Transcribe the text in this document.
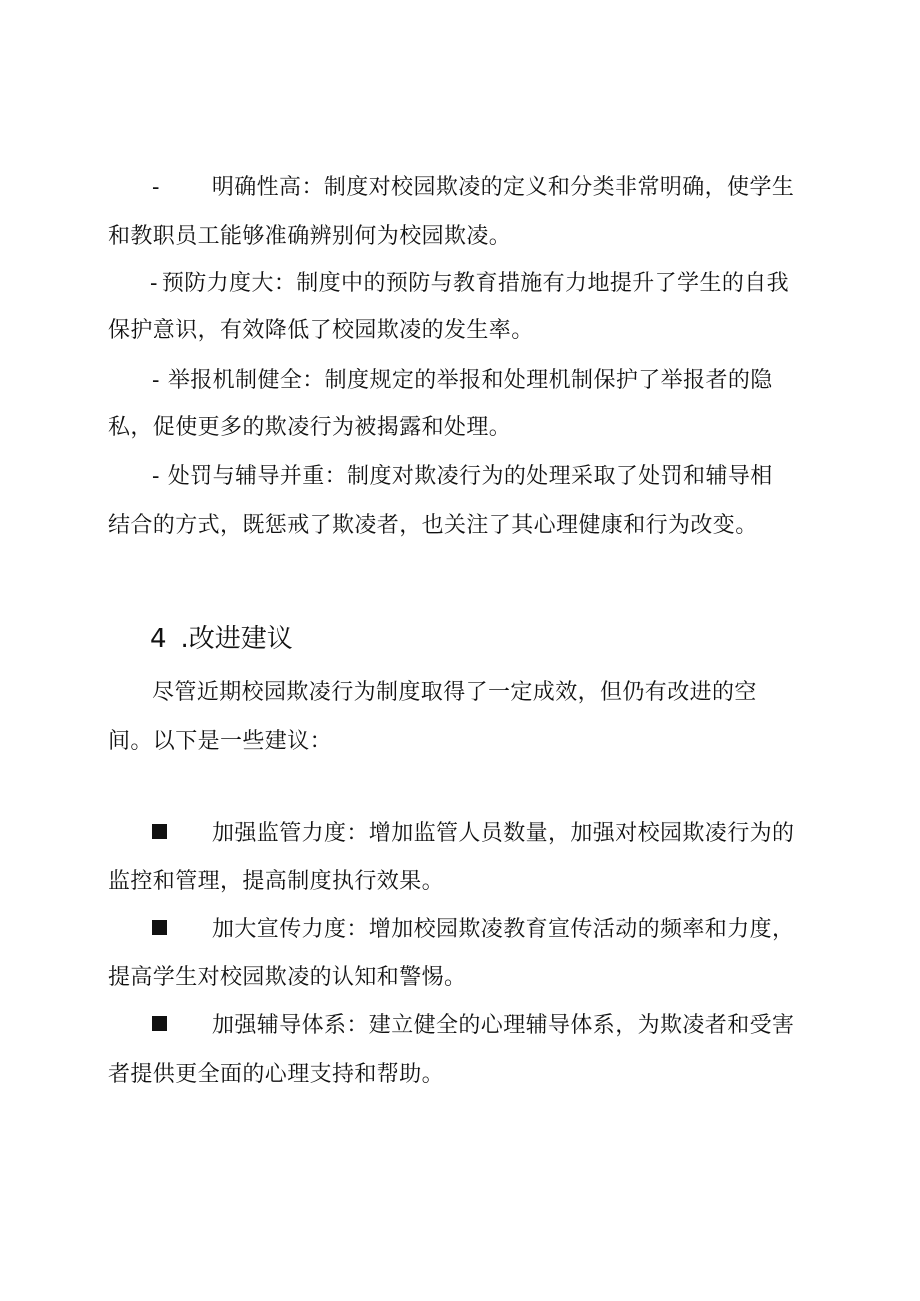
- 明确性高：制度对校园欺凌的定义和分类非常明确，使学生
和教职员工能够准确辨别何为校园欺凌。
- 预防力度大：制度中的预防与教育措施有力地提升了学生的自我
保护意识，有效降低了校园欺凌的发生率。
- 举报机制健全：制度规定的举报和处理机制保护了举报者的隐
私，促使更多的欺凌行为被揭露和处理。
- 处罚与辅导并重：制度对欺凌行为的处理采取了处罚和辅导相
结合的方式，既惩戒了欺凌者，也关注了其心理健康和行为改变。
4 .改进建议
尽管近期校园欺凌行为制度取得了一定成效，但仍有改进的空
间。以下是一些建议：
加强监管力度：增加监管人员数量，加强对校园欺凌行为的
监控和管理，提高制度执行效果。
加大宣传力度：增加校园欺凌教育宣传活动的频率和力度，
提高学生对校园欺凌的认知和警惕。
加强辅导体系：建立健全的心理辅导体系，为欺凌者和受害
者提供更全面的心理支持和帮助。
